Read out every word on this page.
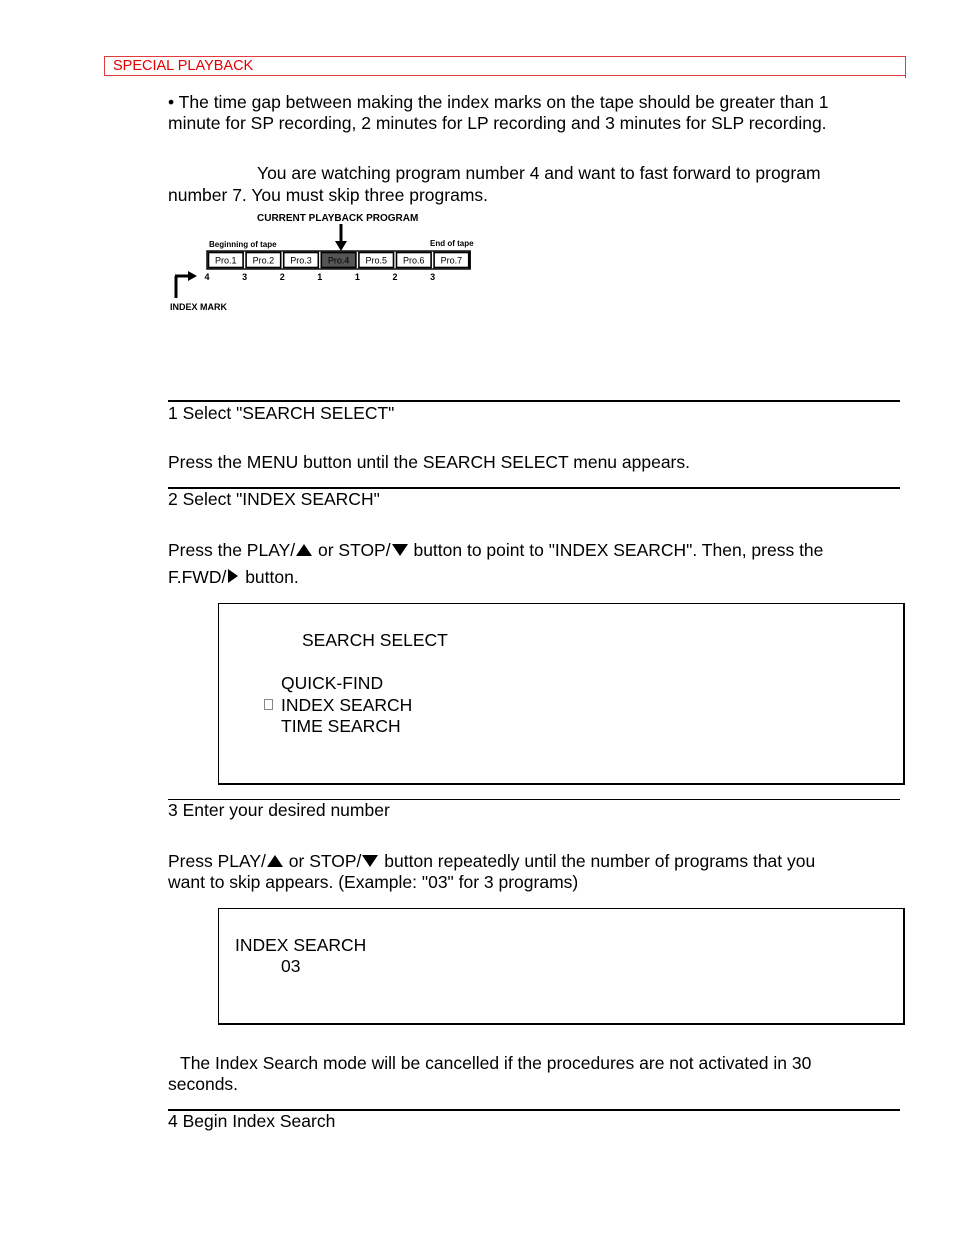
SPECIAL PLAYBACK
• The time gap between making the index marks on the tape should be greater than 1
minute for SP recording, 2 minutes for LP recording and 3 minutes for SLP recording.
You are watching program number 4 and want to fast forward to program
number 7. You must skip three programs.
CURRENT PLAYBACK PROGRAM
Beginning of tape	End of tape
Pro.1 Pro.2 Pro.3 Pro.4 Pro.5 Pro.6 Pro.7
4	3	2	1	1	2	3
INDEX MARK
1 Select "SEARCH SELECT"
Press the MENU button until the SEARCH SELECT menu appears.
2 Select "INDEX SEARCH"
Press the PLAY/ or STOP/ button to point to "INDEX SEARCH". Then, press the
F.FWD/ button.
SEARCH SELECT
QUICK-FIND
INDEX SEARCH
TIME SEARCH
3 Enter your desired number
Press PLAY/ or STOP/ button repeatedly until the number of programs that you
want to skip appears. (Example: "03" for 3 programs)
INDEX SEARCH
03
The Index Search mode will be cancelled if the procedures are not activated in 30
seconds.
4 Begin Index Search
